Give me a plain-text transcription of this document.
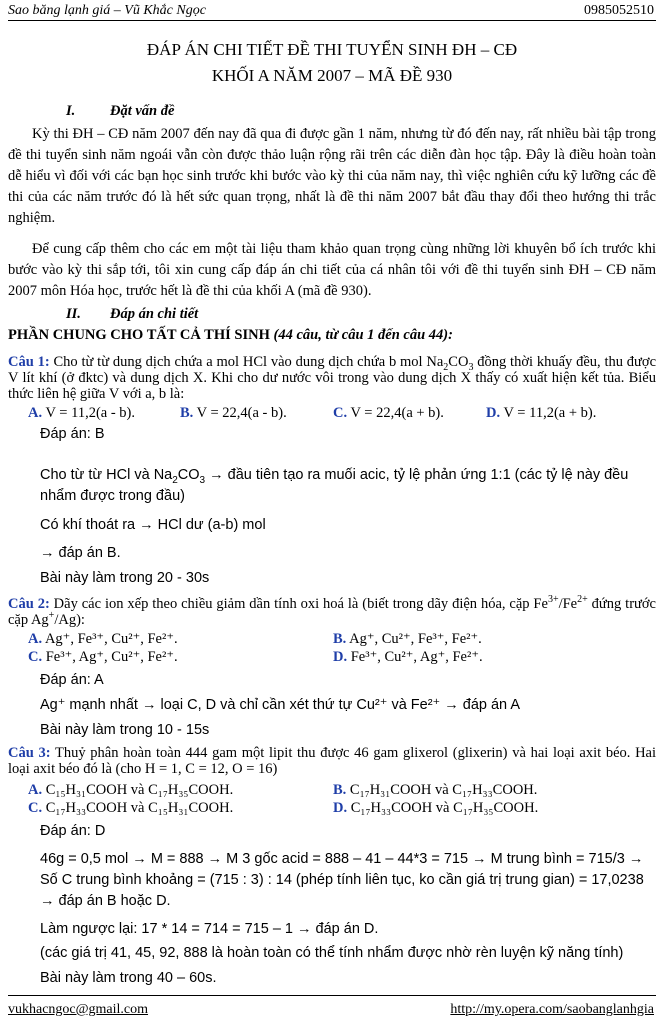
Sao băng lạnh giá – Vũ Khắc Ngọc	0985052510
ĐÁP ÁN CHI TIẾT ĐỀ THI TUYỂN SINH ĐH – CĐ
KHỐI A NĂM 2007 – MÃ ĐỀ 930
I. Đặt vấn đề
Kỳ thi ĐH – CĐ năm 2007 đến nay đã qua đi được gần 1 năm, nhưng từ đó đến nay, rất nhiều bài tập trong đề thi tuyển sinh năm ngoái vẫn còn được thảo luận rộng rãi trên các diễn đàn học tập. Đây là điều hoàn toàn dễ hiểu vì đối với các bạn học sinh trước khi bước vào kỳ thi của năm nay, thì việc nghiên cứu kỹ lưỡng các đề thi của các năm trước đó là hết sức quan trọng, nhất là đề thi năm 2007 bắt đầu thay đổi theo hướng thi trắc nghiệm.
Để cung cấp thêm cho các em một tài liệu tham khảo quan trọng cùng những lời khuyên bổ ích trước khi bước vào kỳ thi sắp tới, tôi xin cung cấp đáp án chi tiết của cá nhân tôi với đề thi tuyển sinh ĐH – CĐ năm 2007 môn Hóa học, trước hết là đề thi của khối A (mã đề 930).
II. Đáp án chi tiết
PHẦN CHUNG CHO TẤT CẢ THÍ SINH (44 câu, từ câu 1 đến câu 44):
Câu 1: Cho từ từ dung dịch chứa a mol HCl vào dung dịch chứa b mol $Na_2CO_3$ đồng thời khuấy đều, thu được V lít khí (ở đktc) và dung dịch X. Khi cho dư nước vôi trong vào dung dịch X thấy có xuất hiện kết tủa. Biểu thức liên hệ giữa V với a, b là:
A. V = 11,2(a - b).	B. V = 22,4(a - b).	C. V = 22,4(a + b).	D. V = 11,2(a + b).
Đáp án: B
Cho từ từ HCl và $Na_2CO_3$ → đầu tiên tạo ra muối acic, tỷ lệ phản ứng 1:1 (các tỷ lệ này đều nhẩm được trong đầu)
Có khí thoát ra → HCl dư (a-b) mol
→ đáp án B.
Bài này làm trong 20 - 30s
Câu 2: Dãy các ion xếp theo chiều giảm dần tính oxi hoá là (biết trong dãy điện hóa, cặp $Fe^{3+}/Fe^{2+}$ đứng trước cặp Ag+/Ag):
A. Ag⁺, Fe³⁺, Cu²⁺, Fe²⁺.	B. Ag⁺, Cu²⁺, Fe³⁺, Fe²⁺.
C. Fe³⁺, Ag⁺, Cu²⁺, Fe²⁺.	D. Fe³⁺, Cu²⁺, Ag⁺, Fe²⁺.
Đáp án: A
Ag⁺ mạnh nhất → loại C, D và chỉ cần xét thứ tự Cu²⁺ và Fe²⁺ → đáp án A
Bài này làm trong 10 - 15s
Câu 3: Thuỷ phân hoàn toàn 444 gam một lipit thu được 46 gam glixerol (glixerin) và hai loại axit béo. Hai loại axit béo đó là (cho H = 1, C = 12, O = 16)
A. C₁₅H₃₁COOH và C₁₇H₃₅COOH.	B. C₁₇H₃₁COOH và C₁₇H₃₃COOH.
C. C₁₇H₃₃COOH và C₁₅H₃₁COOH.	D. C₁₇H₃₃COOH và C₁₇H₃₅COOH.
Đáp án: D
46g = 0,5 mol → M = 888 → M 3 gốc acid = 888 – 41 – 44*3 = 715 → M trung bình = 715/3 → Số C trung bình khoảng = (715 : 3) : 14 (phép tính liên tục, ko cần giá trị trung gian) = 17,0238 → đáp án B hoặc D.
Làm ngược lại: 17 * 14 = 714 = 715 – 1 → đáp án D.
(các giá trị 41, 45, 92, 888 là hoàn toàn có thể tính nhẩm được nhờ rèn luyện kỹ năng tính)
Bài này làm trong 40 – 60s.
vukhacngoc@gmail.com	http://my.opera.com/saobanglanhgia
